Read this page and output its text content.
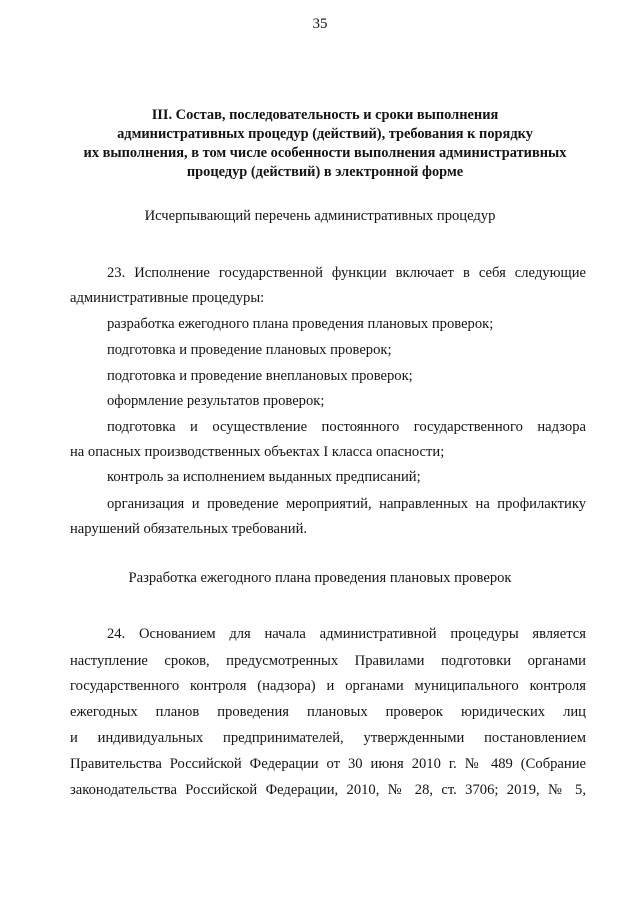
35
III. Состав, последовательность и сроки выполнения
административных процедур (действий), требования к порядку
их выполнения, в том числе особенности выполнения административных
процедур (действий) в электронной форме
Исчерпывающий перечень административных процедур
23. Исполнение государственной функции включает в себя следующие
административные процедуры:
разработка ежегодного плана проведения плановых проверок;
подготовка и проведение плановых проверок;
подготовка и проведение внеплановых проверок;
оформление результатов проверок;
подготовка и осуществление постоянного государственного надзора
на опасных производственных объектах I класса опасности;
контроль за исполнением выданных предписаний;
организация и проведение мероприятий, направленных на профилактику
нарушений обязательных требований.
Разработка ежегодного плана проведения плановых проверок
24. Основанием для начала административной процедуры является
наступление сроков, предусмотренных Правилами подготовки органами
государственного контроля (надзора) и органами муниципального контроля
ежегодных планов проведения плановых проверок юридических лиц
и индивидуальных предпринимателей, утвержденными постановлением
Правительства Российской Федерации от 30 июня 2010 г. № 489 (Собрание
законодательства Российской Федерации, 2010, № 28, ст. 3706; 2019, № 5,
